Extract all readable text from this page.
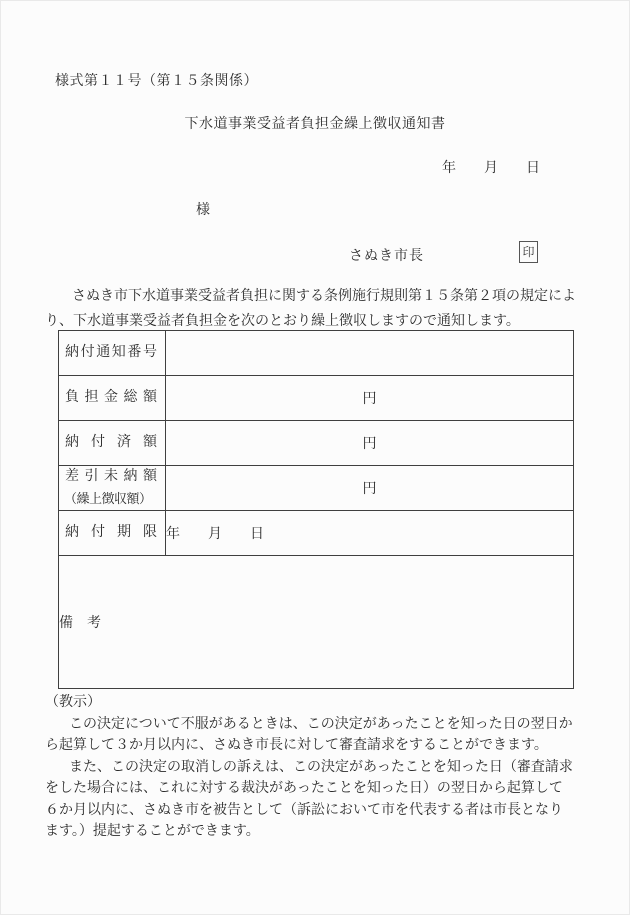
様式第１１号（第１５条関係）
下水道事業受益者負担金繰上徴収通知書
年　　月　　日
様
さぬき市長	印
さぬき市下水道事業受益者負担に関する条例施行規則第１５条第２項の規定によ
り、下水道事業受益者負担金を次のとおり繰上徴収しますので通知します。
納付通知番号	

負担金総額	円

納付済額	円

差引未納額
（繰上徴収額）	円

納付期限	年　　月　　日
備　考	
（教示）
この決定について不服があるときは、この決定があったことを知った日の翌日か
ら起算して３か月以内に、さぬき市長に対して審査請求をすることができます。
また、この決定の取消しの訴えは、この決定があったことを知った日（審査請求
をした場合には、これに対する裁決があったことを知った日）の翌日から起算して
６か月以内に、さぬき市を被告として（訴訟において市を代表する者は市長となり
ます。）提起することができます。
